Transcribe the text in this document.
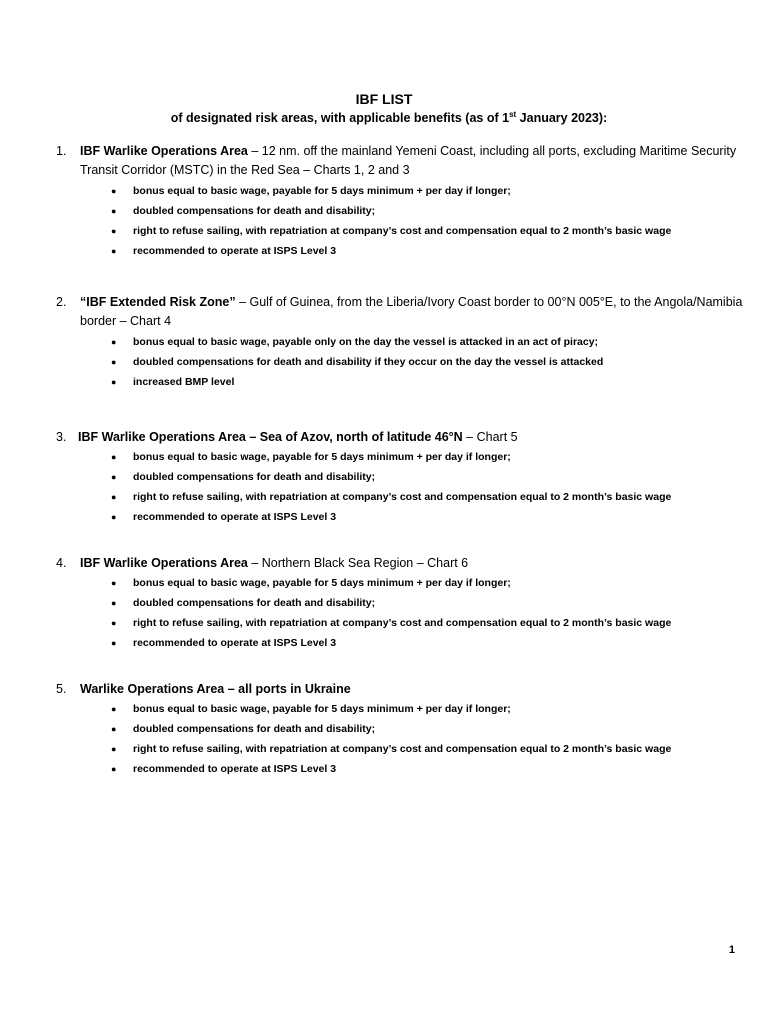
IBF LIST
of designated risk areas, with applicable benefits (as of 1st January 2023):
1.	IBF Warlike Operations Area – 12 nm. off the mainland Yemeni Coast, including all ports, excluding Maritime Security Transit Corridor (MSTC) in the Red Sea – Charts 1, 2 and 3
● bonus equal to basic wage, payable for 5 days minimum + per day if longer;
● doubled compensations for death and disability;
● right to refuse sailing, with repatriation at company’s cost and compensation equal to 2 month’s basic wage
● recommended to operate at ISPS Level 3
2.	“IBF Extended Risk Zone” – Gulf of Guinea, from the Liberia/Ivory Coast border to 00°N 005°E, to the Angola/Namibia border – Chart 4
● bonus equal to basic wage, payable only on the day the vessel is attacked in an act of piracy;
● doubled compensations for death and disability if they occur on the day the vessel is attacked
● increased BMP level
3. IBF Warlike Operations Area – Sea of Azov, north of latitude 46°N – Chart 5
● bonus equal to basic wage, payable for 5 days minimum + per day if longer;
● doubled compensations for death and disability;
● right to refuse sailing, with repatriation at company’s cost and compensation equal to 2 month’s basic wage
● recommended to operate at ISPS Level 3
4.	IBF Warlike Operations Area – Northern Black Sea Region – Chart 6
● bonus equal to basic wage, payable for 5 days minimum + per day if longer;
● doubled compensations for death and disability;
● right to refuse sailing, with repatriation at company’s cost and compensation equal to 2 month’s basic wage
● recommended to operate at ISPS Level 3
5.	Warlike Operations Area – all ports in Ukraine
● bonus equal to basic wage, payable for 5 days minimum + per day if longer;
● doubled compensations for death and disability;
● right to refuse sailing, with repatriation at company’s cost and compensation equal to 2 month’s basic wage
● recommended to operate at ISPS Level 3
1
